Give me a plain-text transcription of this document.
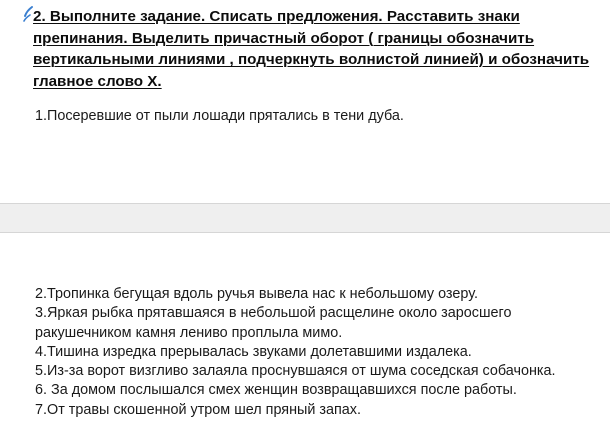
2. Выполните задание. Списать предложения. Расставить знаки препинания. Выделить причастный оборот ( границы обозначить вертикальными линиями , подчеркнуть волнистой линией) и обозначить главное слово Х.

1.Посеревшие от пыли лошади прятались в тени дуба.

2.Тропинка бегущая вдоль ручья вывела нас к небольшому озеру.
3.Яркая рыбка прятавшаяся в небольшой расщелине около заросшего ракушечником камня лениво проплыла мимо.
4.Тишина изредка прерывалась звуками долетавшими издалека.
5.Из-за ворот визгливо залаяла проснувшаяся от шума соседская собачонка.
6. За домом послышался смех женщин возвращавшихся после работы.
7.От травы скошенной утром шел пряный запах.
